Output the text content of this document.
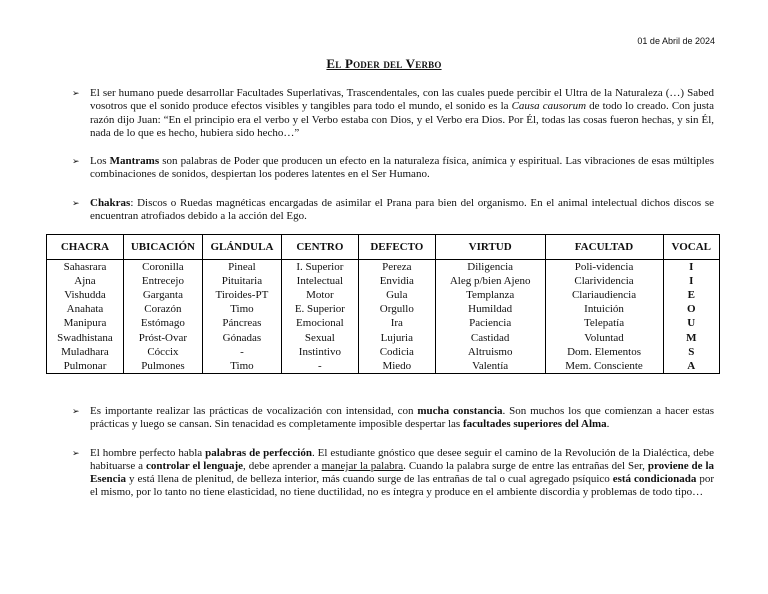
01 de Abril de 2024
El Poder del Verbo
➢ El ser humano puede desarrollar Facultades Superlativas, Trascendentales, con las cuales puede percibir el Ultra de la Naturaleza (…) Sabed vosotros que el sonido produce efectos visibles y tangibles para todo el mundo, el sonido es la Causa causorum de todo lo creado. Con justa razón dijo Juan: “En el principio era el verbo y el Verbo estaba con Dios, y el Verbo era Dios. Por Él, todas las cosas fueron hechas, y sin Él, nada de lo que es hecho, hubiera sido hecho…”
➢ Los Mantrams son palabras de Poder que producen un efecto en la naturaleza física, anímica y espiritual. Las vibraciones de esas múltiples combinaciones de sonidos, despiertan los poderes latentes en el Ser Humano.
➢ Chakras: Discos o Ruedas magnéticas encargadas de asimilar el Prana para bien del organismo. En el animal intelectual dichos discos se encuentran atrofiados debido a la acción del Ego.
CHACRA	UBICACIÓN	GLÁNDULA	CENTRO	DEFECTO	VIRTUD	FACULTAD	VOCAL
Sahasrara	Coronilla	Pineal	I. Superior	Pereza	Diligencia	Poli-videncia	I
Ajna	Entrecejo	Pituitaria	Intelectual	Envidia	Aleg p/bien Ajeno	Clarividencia	I
Vishudda	Garganta	Tiroides-PT	Motor	Gula	Templanza	Clariaudiencia	E
Anahata	Corazón	Timo	E. Superior	Orgullo	Humildad	Intuición	O
Manipura	Estómago	Páncreas	Emocional	Ira	Paciencia	Telepatía	U
Swadhistana	Próst-Ovar	Gónadas	Sexual	Lujuria	Castidad	Voluntad	M
Muladhara	Cóccix	-	Instintivo	Codicia	Altruismo	Dom. Elementos	S
Pulmonar	Pulmones	Timo	-	Miedo	Valentía	Mem. Consciente	A
➢ Es importante realizar las prácticas de vocalización con intensidad, con mucha constancia. Son muchos los que comienzan a hacer estas prácticas y luego se cansan. Sin tenacidad es completamente imposible despertar las facultades superiores del Alma.
➢ El hombre perfecto habla palabras de perfección. El estudiante gnóstico que desee seguir el camino de la Revolución de la Dialéctica, debe habituarse a controlar el lenguaje, debe aprender a manejar la palabra. Cuando la palabra surge de entre las entrañas del Ser, proviene de la Esencia y está llena de plenitud, de belleza interior, más cuando surge de las entrañas de tal o cual agregado psíquico está condicionada por el mismo, por lo tanto no tiene elasticidad, no tiene ductilidad, no es íntegra y produce en el ambiente discordia y problemas de todo tipo…
